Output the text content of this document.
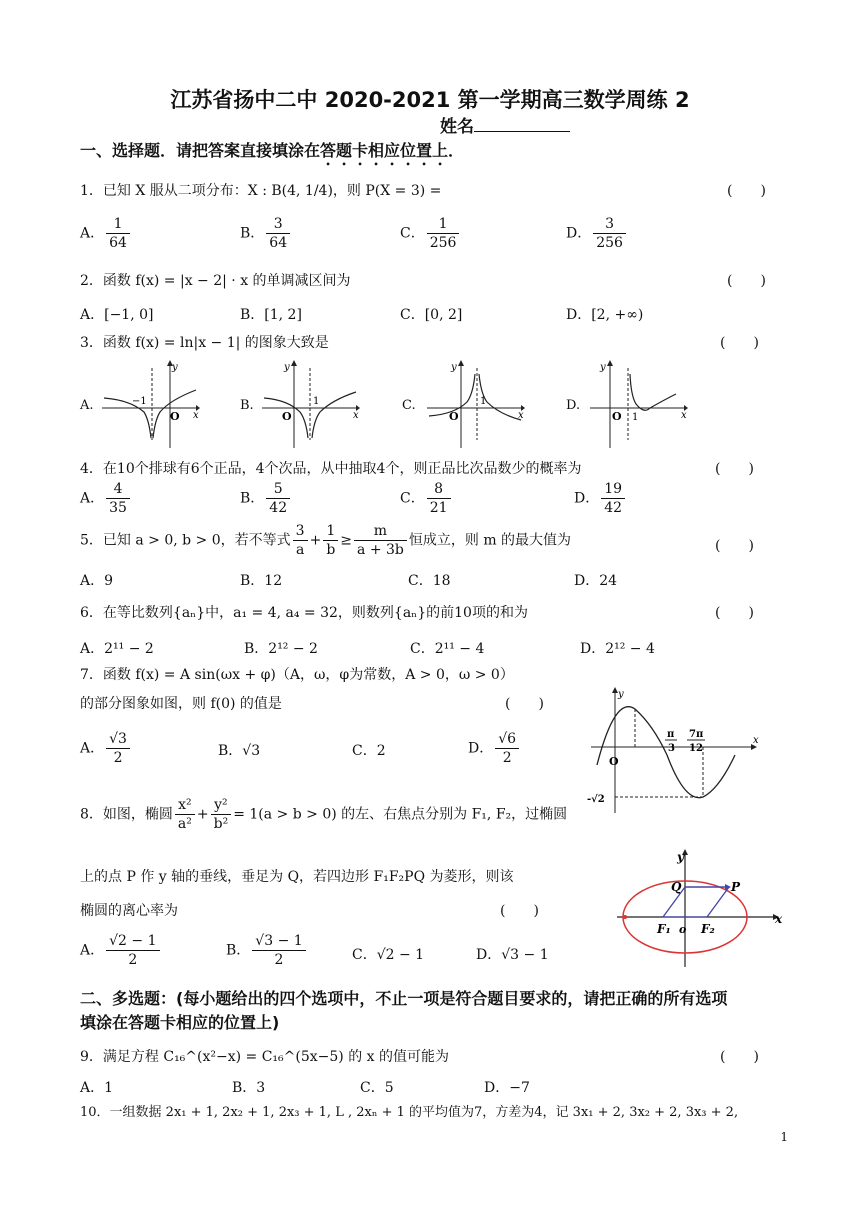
江苏省扬中二中 2020-2021 第一学期高三数学周练 2
姓名
一、选择题．请把答案直接填涂在答题卡相应位置上．
1．已知 X 服从二项分布：X : B(4, 1/4)，则 P(X = 3) =	(　　)
A． $\frac{1}{64}$	B． $\frac{3}{64}$	C． $\frac{1}{256}$	D． $\frac{3}{256}$
2．函数 f(x) = |x − 2| · x 的单调减区间为	(　　)
A．[−1, 0]	B．[1, 2]	C．[0, 2]	D．[2, +∞)
3．函数 f(x) = ln|x − 1| 的图象大致是	(　　)
A.
y
x
O
−1	B.
y
x
O
1	C.
y
x
O
1	D.
y
x
O 1
4．在10个排球有6个正品，4个次品，从中抽取4个，则正品比次品数少的概率为	(　　)
A． $\frac{4}{35}$	B． $\frac{5}{42}$	C． $\frac{8}{21}$	D． $\frac{19}{42}$
5．已知 a > 0, b > 0，若不等式 $\frac{3}{a} + \frac{1}{b} \ge \frac{m}{a + 3b}$ 恒成立，则 m 的最大值为	(　　)
A．9	B．12	C．18	D．24
6．在等比数列{aₙ}中，a₁ = 4, a₄ = 32，则数列{aₙ}的前10项的和为	(　　)
A．2¹¹ − 2	B．2¹² − 2	C．2¹¹ − 4	D．2¹² − 4
7．函数 f(x) = A sin(ωx + φ)（A，ω，φ为常数，A > 0，ω > 0）
的部分图象如图，则 f(0) 的值是	(　　)
A． $\frac{√3}{2}$	B．√3	C．2	D． $\frac{√6}{2}$
y
x
O
π
3
7π
12
-√2
8．如图，椭圆 $\frac{\text{x²}}{\text{a²}} + \frac{\text{y²}}{\text{b²}} = 1(a > b > 0)$ 的左、右焦点分别为 F₁, F₂，过椭圆
上的点 P 作 y 轴的垂线，垂足为 Q，若四边形 F₁F₂PQ 为菱形，则该
椭圆的离心率为	(　　)
A． $\frac{√2 - 1}{2}$	B． $\frac{√3 - 1}{2}$	C．√2 − 1	D．√3 − 1
y
x
Q	P
F₁ o F₂
二、多选题：(每小题给出的四个选项中，不止一项是符合题目要求的，请把正确的所有选项
填涂在答题卡相应的位置上)
9．满足方程 C₁₆^(x²−x) = C₁₆^(5x−5) 的 x 的值可能为	(　　)
A．1	B．3	C．5	D．−7
10．一组数据 2x₁ + 1, 2x₂ + 1, 2x₃ + 1, L , 2xₙ + 1 的平均值为7，方差为4，记 3x₁ + 2, 3x₂ + 2, 3x₃ + 2,
1
